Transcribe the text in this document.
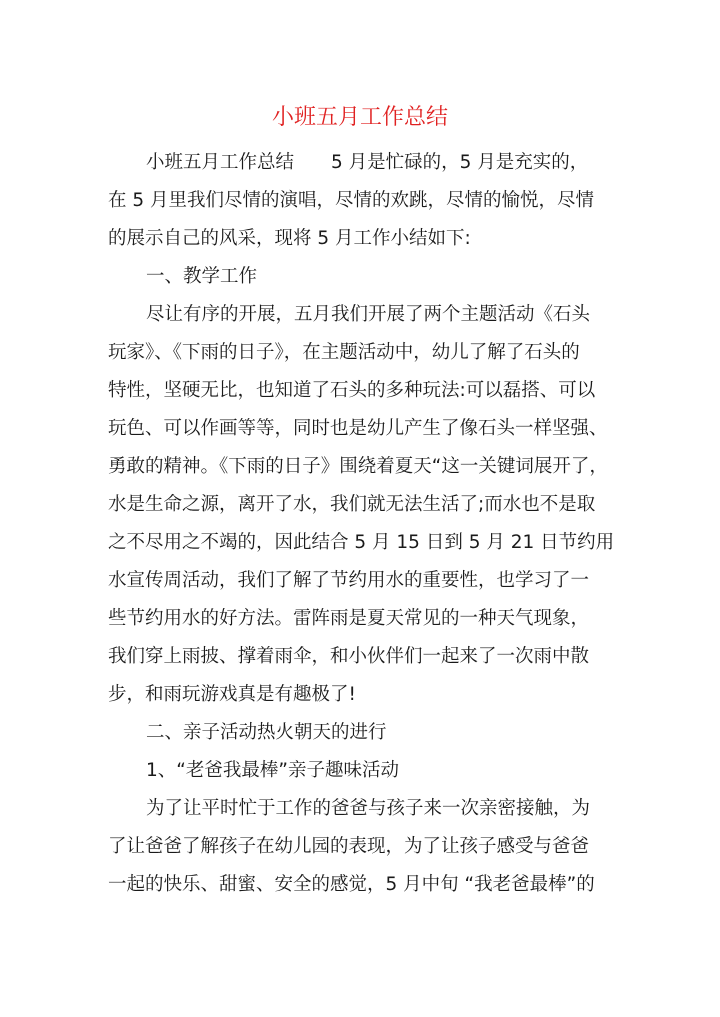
小班五月工作总结

小班五月工作总结　　5 月是忙碌的，5 月是充实的，

在 5 月里我们尽情的演唱，尽情的欢跳，尽情的愉悦，尽情

的展示自己的风采，现将 5 月工作小结如下:

一、教学工作

尽让有序的开展，五月我们开展了两个主题活动《石头

玩家》、《下雨的日子》，在主题活动中，幼儿了解了石头的

特性，坚硬无比，也知道了石头的多种玩法:可以磊搭、可以

玩色、可以作画等等，同时也是幼儿产生了像石头一样坚强、

勇敢的精神。《下雨的日子》围绕着夏天“这一关键词展开了，

水是生命之源，离开了水，我们就无法生活了;而水也不是取

之不尽用之不竭的，因此结合 5 月 15 日到 5 月 21 日节约用

水宣传周活动，我们了解了节约用水的重要性，也学习了一

些节约用水的好方法。雷阵雨是夏天常见的一种天气现象，

我们穿上雨披、撑着雨伞，和小伙伴们一起来了一次雨中散

步，和雨玩游戏真是有趣极了!

二、亲子活动热火朝天的进行

1、“老爸我最棒”亲子趣味活动

为了让平时忙于工作的爸爸与孩子来一次亲密接触，为

了让爸爸了解孩子在幼儿园的表现，为了让孩子感受与爸爸

一起的快乐、甜蜜、安全的感觉，5 月中旬 “我老爸最棒”的
